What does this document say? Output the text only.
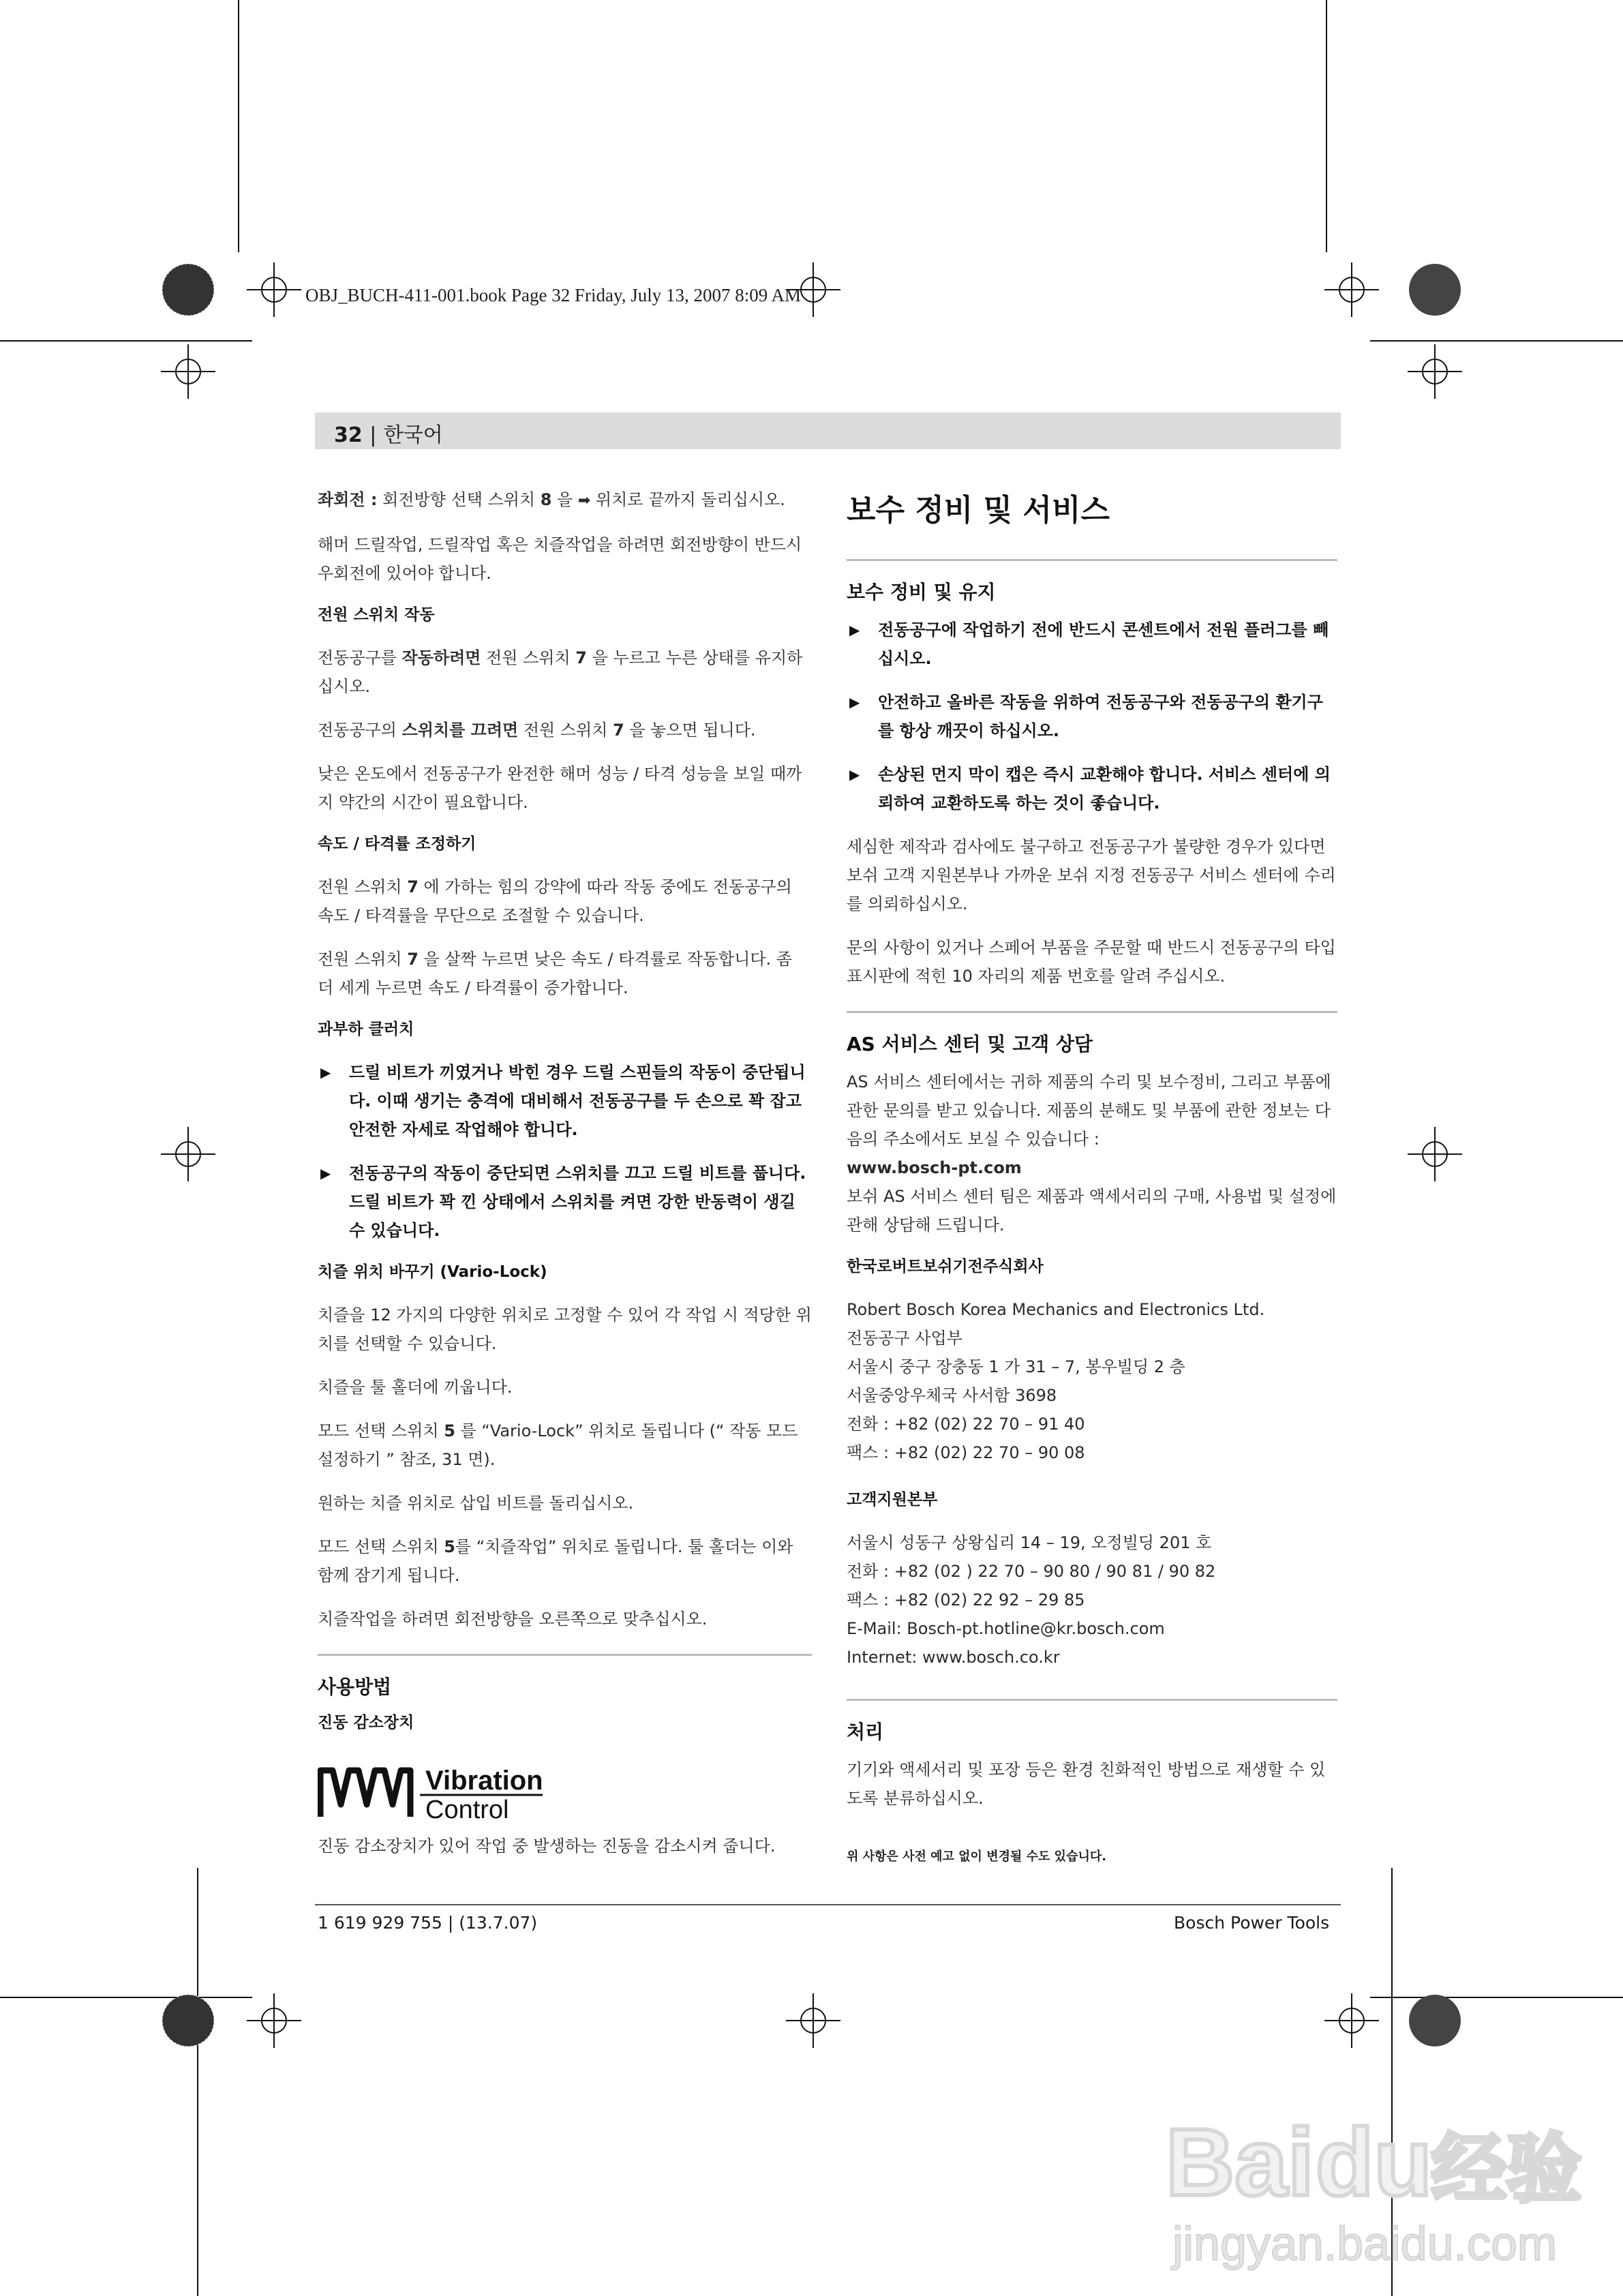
OBJ_BUCH-411-001.book Page 32 Friday, July 13, 2007 8:09 AM
32 | 한국어

좌회전 : 회전방향 선택 스위치 8 을 ➡ 위치로 끝까지 돌리십시오.

해머 드릴작업, 드릴작업 혹은 치즐작업을 하려면 회전방향이 반드시 우회전에 있어야 합니다.

전원 스위치 작동

전동공구를 작동하려면 전원 스위치 7 을 누르고 누른 상태를 유지하십시오.

전동공구의 스위치를 끄려면 전원 스위치 7 을 놓으면 됩니다.

낮은 온도에서 전동공구가 완전한 해머 성능 / 타격 성능을 보일 때까지 약간의 시간이 필요합니다.

속도 / 타격률 조정하기

전원 스위치 7 에 가하는 힘의 강약에 따라 작동 중에도 전동공구의 속도 / 타격률을 무단으로 조절할 수 있습니다.

전원 스위치 7 을 살짝 누르면 낮은 속도 / 타격률로 작동합니다. 좀 더 세게 누르면 속도 / 타격률이 증가합니다.

과부하 클러치
▶ 드릴 비트가 끼였거나 박힌 경우 드릴 스핀들의 작동이 중단됩니다. 이때 생기는 충격에 대비해서 전동공구를 두 손으로 꽉 잡고 안전한 자세로 작업해야 합니다.
▶ 전동공구의 작동이 중단되면 스위치를 끄고 드릴 비트를 풉니다. 드릴 비트가 꽉 낀 상태에서 스위치를 켜면 강한 반동력이 생길 수 있습니다.
치즐 위치 바꾸기 (Vario-Lock)

치즐을 12 가지의 다양한 위치로 고정할 수 있어 각 작업 시 적당한 위치를 선택할 수 있습니다.

치즐을 툴 홀더에 끼웁니다.

모드 선택 스위치 5 를 “Vario-Lock” 위치로 돌립니다 (“ 작동 모드 설정하기 ” 참조, 31 면).

원하는 치즐 위치로 삽입 비트를 돌리십시오.

모드 선택 스위치 5를 “치즐작업” 위치로 돌립니다. 툴 홀더는 이와 함께 잠기게 됩니다.

치즐작업을 하려면 회전방향을 오른쪽으로 맞추십시오.

사용방법
진동 감소장치
Vibration
Control

진동 감소장치가 있어 작업 중 발생하는 진동을 감소시켜 줍니다.

보수 정비 및 서비스
보수 정비 및 유지
▶ 전동공구에 작업하기 전에 반드시 콘센트에서 전원 플러그를 빼십시오.
▶ 안전하고 올바른 작동을 위하여 전동공구와 전동공구의 환기구를 항상 깨끗이 하십시오.
▶ 손상된 먼지 막이 캡은 즉시 교환해야 합니다. 서비스 센터에 의뢰하여 교환하도록 하는 것이 좋습니다.

세심한 제작과 검사에도 불구하고 전동공구가 불량한 경우가 있다면 보쉬 고객 지원본부나 가까운 보쉬 지정 전동공구 서비스 센터에 수리를 의뢰하십시오.

문의 사항이 있거나 스페어 부품을 주문할 때 반드시 전동공구의 타입 표시판에 적힌 10 자리의 제품 번호를 알려 주십시오.

AS 서비스 센터 및 고객 상담

AS 서비스 센터에서는 귀하 제품의 수리 및 보수정비, 그리고 부품에 관한 문의를 받고 있습니다. 제품의 분해도 및 부품에 관한 정보는 다음의 주소에서도 보실 수 있습니다 :

www.bosch-pt.com

보쉬 AS 서비스 센터 팀은 제품과 액세서리의 구매, 사용법 및 설정에 관해 상담해 드립니다.

한국로버트보쉬기전주식회사

Robert Bosch Korea Mechanics and Electronics Ltd.
전동공구 사업부
서울시 중구 장충동 1 가 31 – 7, 봉우빌딩 2 층
서울중앙우체국 사서함 3698
전화 : +82 (02) 22 70 – 91 40
팩스 : +82 (02) 22 70 – 90 08

고객지원본부

서울시 성동구 상왕십리 14 – 19, 오정빌딩 201 호
전화 : +82 (02 ) 22 70 – 90 80 / 90 81 / 90 82
팩스 : +82 (02) 22 92 – 29 85
E-Mail: Bosch-pt.hotline@kr.bosch.com
Internet: www.bosch.co.kr

처리

기기와 액세서리 및 포장 등은 환경 친화적인 방법으로 재생할 수 있도록 분류하십시오.

위 사항은 사전 예고 없이 변경될 수도 있습니다.
1 619 929 755 | (13.7.07)	Bosch Power Tools
Bai du
经验
jingyan.baidu.com
